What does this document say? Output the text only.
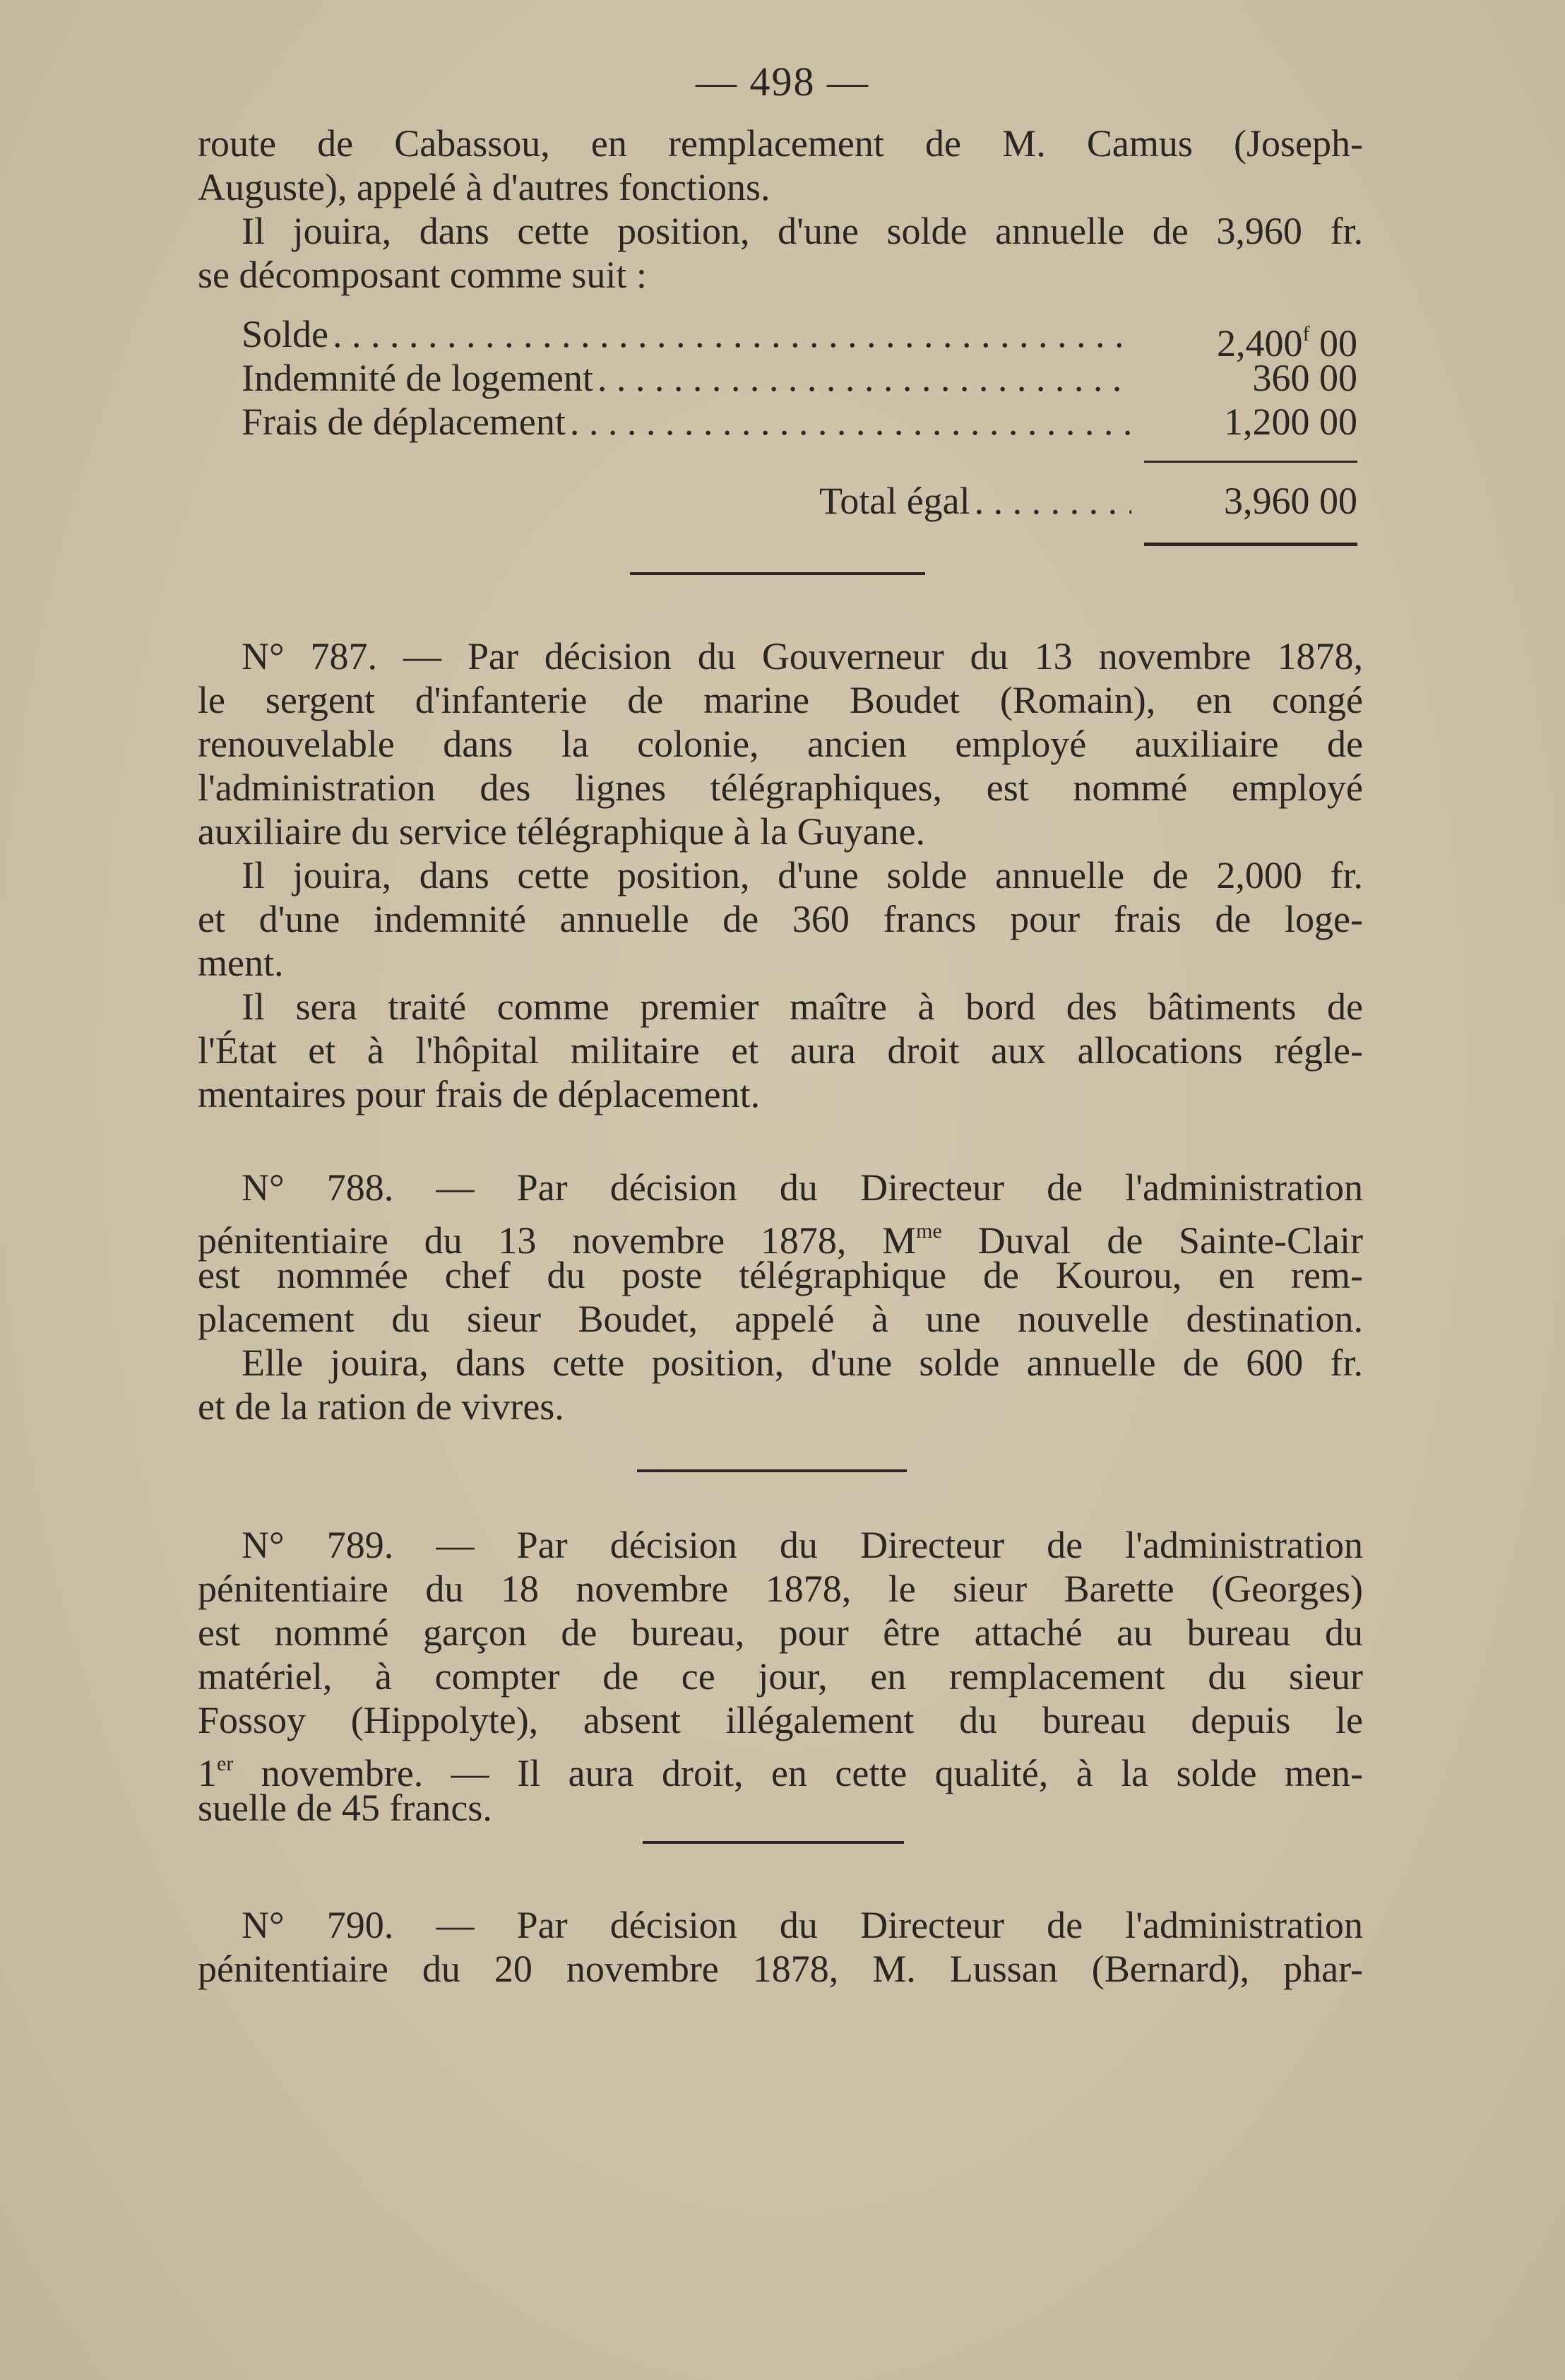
— 498 —
route de Cabassou, en remplacement de M. Camus (Joseph-
Auguste), appelé à d'autres fonctions.
Il jouira, dans cette position, d'une solde annuelle de 3,960 fr.
se décomposant comme suit :
Solde . . .	2,400$^f$ 00
Indemnité de logement . . .	360 00
Frais de déplacement . . .	1,200 00
Total égal . . .	3,960 00
N° 787. — Par décision du Gouverneur du 13 novembre 1878,
le sergent d'infanterie de marine Boudet (Romain), en congé
renouvelable dans la colonie, ancien employé auxiliaire de
l'administration des lignes télégraphiques, est nommé employé
auxiliaire du service télégraphique à la Guyane.
Il jouira, dans cette position, d'une solde annuelle de 2,000 fr.
et d'une indemnité annuelle de 360 francs pour frais de loge-
ment.
Il sera traité comme premier maître à bord des bâtiments de
l'État et à l'hôpital militaire et aura droit aux allocations régle-
mentaires pour frais de déplacement.
N° 788. — Par décision du Directeur de l'administration
pénitentiaire du 13 novembre 1878, $M^{me}$ Duval de Sainte-Clair
est nommée chef du poste télégraphique de Kourou, en rem-
placement du sieur Boudet, appelé à une nouvelle destination.
Elle jouira, dans cette position, d'une solde annuelle de 600 fr.
et de la ration de vivres.
N° 789. — Par décision du Directeur de l'administration
pénitentiaire du 18 novembre 1878, le sieur Barette (Georges)
est nommé garçon de bureau, pour être attaché au bureau du
matériel, à compter de ce jour, en remplacement du sieur
Fossoy (Hippolyte), absent illégalement du bureau depuis le
1er novembre. — Il aura droit, en cette qualité, à la solde men-
suelle de 45 francs.
N° 790. — Par décision du Directeur de l'administration
pénitentiaire du 20 novembre 1878, M. Lussan (Bernard), phar-
